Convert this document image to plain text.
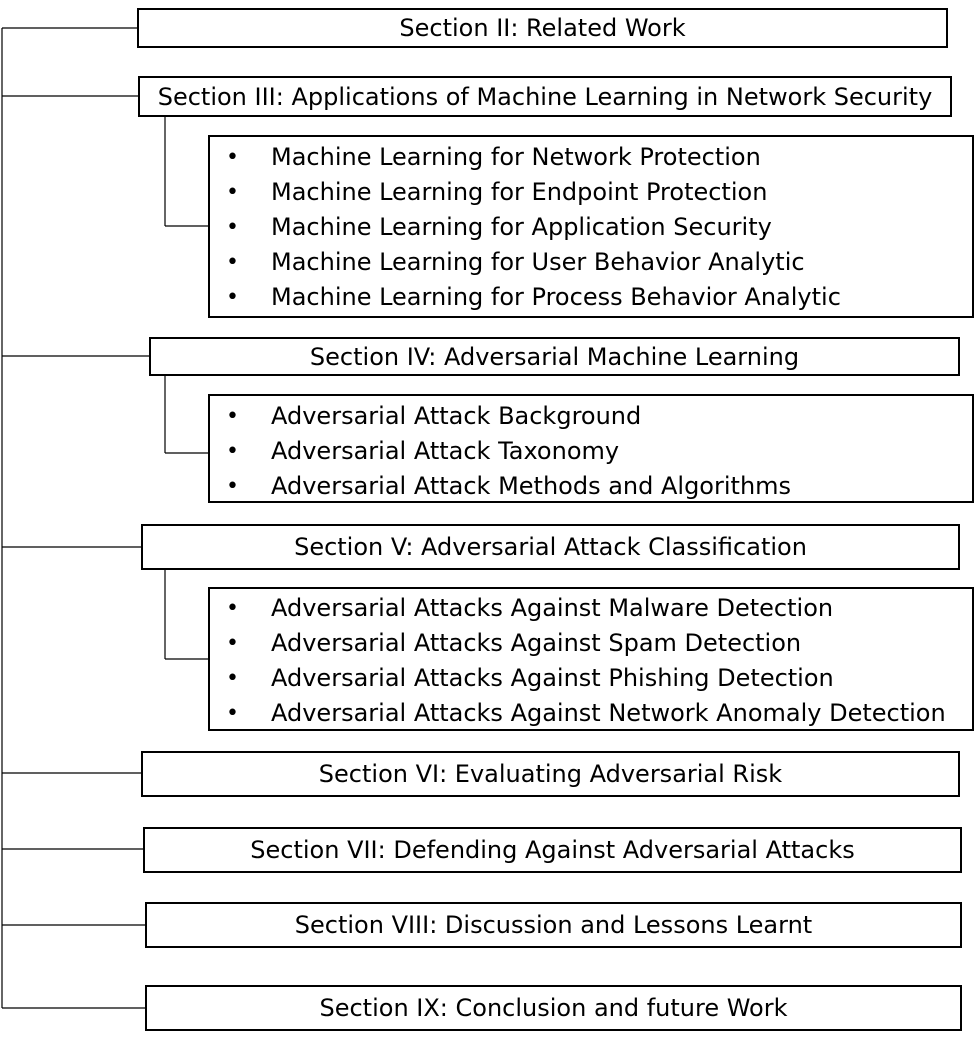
Section II: Related Work
Section III: Applications of Machine Learning in Network Security
• Machine Learning for Network Protection
• Machine Learning for Endpoint Protection
• Machine Learning for Application Security
• Machine Learning for User Behavior Analytic
• Machine Learning for Process Behavior Analytic
Section IV: Adversarial Machine Learning
• Adversarial Attack Background
• Adversarial Attack Taxonomy
• Adversarial Attack Methods and Algorithms
Section V: Adversarial Attack Classification
• Adversarial Attacks Against Malware Detection
• Adversarial Attacks Against Spam Detection
• Adversarial Attacks Against Phishing Detection
• Adversarial Attacks Against Network Anomaly Detection
Section VI: Evaluating Adversarial Risk
Section VII: Defending Against Adversarial Attacks
Section VIII: Discussion and Lessons Learnt
Section IX: Conclusion and future Work
